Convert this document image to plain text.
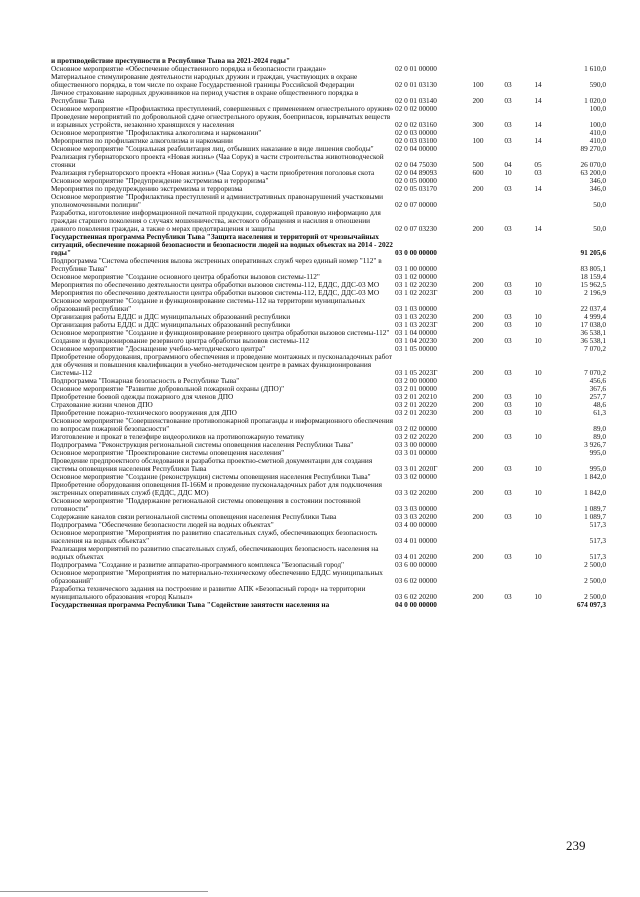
и противодействие преступности в Республике Тыва на 2021-2024 годы"					
Основное мероприятие «Обеспечение общественного порядка и безопасности граждан»	02 0 01 00000				1 610,0
Материальное стимулирование деятельности народных дружин и граждан, участвующих в охране общественного порядка, в том числе по охране Государственной границы Российской Федерации	02 0 01 03130	100	03	14	590,0
Личное страхование народных дружинников на период участия в охране общественного порядка в Республике Тыва	02 0 01 03140	200	03	14	1 020,0
Основное мероприятие «Профилактика преступлений, совершенных с применением огнестрельного оружия»	02 0 02 00000				100,0
Проведение мероприятий по добровольной сдаче огнестрельного оружия, боеприпасов, взрывчатых веществ и взрывных устройств, незаконно хранящихся у населения	02 0 02 03160	300	03	14	100,0
Основное мероприятие "Профилактика алкоголизма и наркомании"	02 0 03 00000				410,0
Мероприятия по профилактике алкоголизма и наркомании	02 0 03 03100	100	03	14	410,0
Основное мероприятие "Социальная реабилитация лиц, отбывших наказание в виде лишения свободы"	02 0 04 00000				89 270,0
Реализация губернаторского проекта «Новая жизнь» (Чаа Сорук) в части строительства животноводческой стоянки	02 0 04 75030	500	04	05	26 070,0
Реализация губернаторского проекта «Новая жизнь» (Чаа Сорук) в части приобретения поголовья скота	02 0 04 89093	600	10	03	63 200,0
Основное мероприятие "Предупреждение экстремизма и терроризма"	02 0 05 00000				346,0
Мероприятия по предупреждению экстремизма и терроризма	02 0 05 03170	200	03	14	346,0
Основное мероприятие "Профилактика преступлений и административных правонарушений участковыми уполномоченными полиции"	02 0 07 00000				50,0
Разработка, изготовление информационной печатной продукции, содержащей правовую информацию для граждан старшего поколения о случаях мошенничества, жестокого обращения и насилия в отношении данного поколения граждан, а также о мерах предотвращения и защиты	02 0 07 03230	200	03	14	50,0
Государственная программа Республики Тыва "Защита населения и территорий от чрезвычайных ситуаций, обеспечение пожарной безопасности и безопасности людей на водных объектах на 2014 - 2022 годы"	03 0 00 00000				91 205,6
Подпрограмма "Система обеспечения вызова экстренных оперативных служб через единый номер "112" в Республике Тыва"	03 1 00 00000				83 805,1
Основное мероприятие "Создание основного центра обработки вызовов системы-112"	03 1 02 00000				18 159,4
Мероприятия по обеспечению деятельности центра обработки вызовов системы-112, ЕДДС, ДДС-03 МО	03 1 02 20230	200	03	10	15 962,5
Мероприятия по обеспечению деятельности центра обработки вызовов системы-112, ЕДДС, ДДС-03 МО	03 1 02 2023Г	200	03	10	2 196,9
Основное мероприятие "Создание и функционирование системы-112 на территории муниципальных образований республики"	03 1 03 00000				22 037,4
Организация работы ЕДДС и ДДС муниципальных образований республики	03 1 03 20230	200	03	10	4 999,4
Организация работы ЕДДС и ДДС муниципальных образований республики	03 1 03 2023Г	200	03	10	17 038,0
Основное мероприятие "Создание и функционирование резервного центра обработки вызовов системы-112"	03 1 04 00000				36 538,1
Создание и функционирование резервного центра обработки вызовов системы-112	03 1 04 20230	200	03	10	36 538,1
Основное мероприятие "Доснащение учебно-методического центра"	03 1 05 00000				7 070,2
Приобретение оборудования, программного обеспечения и проведение монтажных и пусконаладочных работ для обучения и повышения квалификации в учебно-методическом центре в рамках функционирования Системы-112	03 1 05 2023Г	200	03	10	7 070,2
Подпрограмма "Пожарная безопасность в Республике Тыва"	03 2 00 00000				456,6
Основное мероприятие "Развитие добровольной пожарной охраны (ДПО)"	03 2 01 00000				367,6
Приобретение боевой одежды пожарного для членов ДПО	03 2 01 20210	200	03	10	257,7
Страхование жизни членов ДПО	03 2 01 20220	200	03	10	48,6
Приобретение пожарно-технического вооружения для ДПО	03 2 01 20230	200	03	10	61,3
Основное мероприятие "Совершенствование противопожарной пропаганды и информационного обеспечения по вопросам пожарной безопасности"	03 2 02 00000				89,0
Изготовление и прокат в телеэфире видеороликов на противопожарную тематику	03 2 02 20220	200	03	10	89,0
Подпрограмма "Реконструкция региональной системы оповещения населения Республики Тыва"	03 3 00 00000				3 926,7
Основное мероприятие "Проектирование системы оповещения населения"	03 3 01 00000				995,0
Проведение предпроектного обследования и разработка проектно-сметной документации для создания системы оповещения населения Республики Тыва	03 3 01 2020Г	200	03	10	995,0
Основное мероприятие "Создание (реконструкция) системы оповещения населения Республики Тыва"	03 3 02 00000				1 842,0
Приобретение оборудования оповещения П-166М и проведение пусконаладочных работ для подключения экстренных оперативных служб (ЕДДС, ДДС МО)	03 3 02 20200	200	03	10	1 842,0
Основное мероприятие "Поддержание региональной системы оповещения в состоянии постоянной готовности"	03 3 03 00000				1 089,7
Содержание каналов связи региональной системы оповещения населения Республики Тыва	03 3 03 20200	200	03	10	1 089,7
Подпрограмма "Обеспечение безопасности людей на водных объектах"	03 4 00 00000				517,3
Основное мероприятие "Мероприятия по развитию спасательных служб, обеспечивающих безопасность населения на водных объектах"	03 4 01 00000				517,3
Реализация мероприятий по развитию спасательных служб, обеспечивающих безопасность населения на водных объектах	03 4 01 20200	200	03	10	517,3
Подпрограмма "Создание и развитие аппаратно-программного комплекса "Безопасный город"	03 6 00 00000				2 500,0
Основное мероприятие "Мероприятия по материально-техническому обеспечению ЕДДС муниципальных образований"	03 6 02 00000				2 500,0
Разработка технического задания на построение и развитие АПК «Безопасный город» на территории муниципального образования «город Кызыл»	03 6 02 20200	200	03	10	2 500,0
Государственная программа Республики Тыва "Содействие занятости населения на	04 0 00 00000				674 097,3
239
